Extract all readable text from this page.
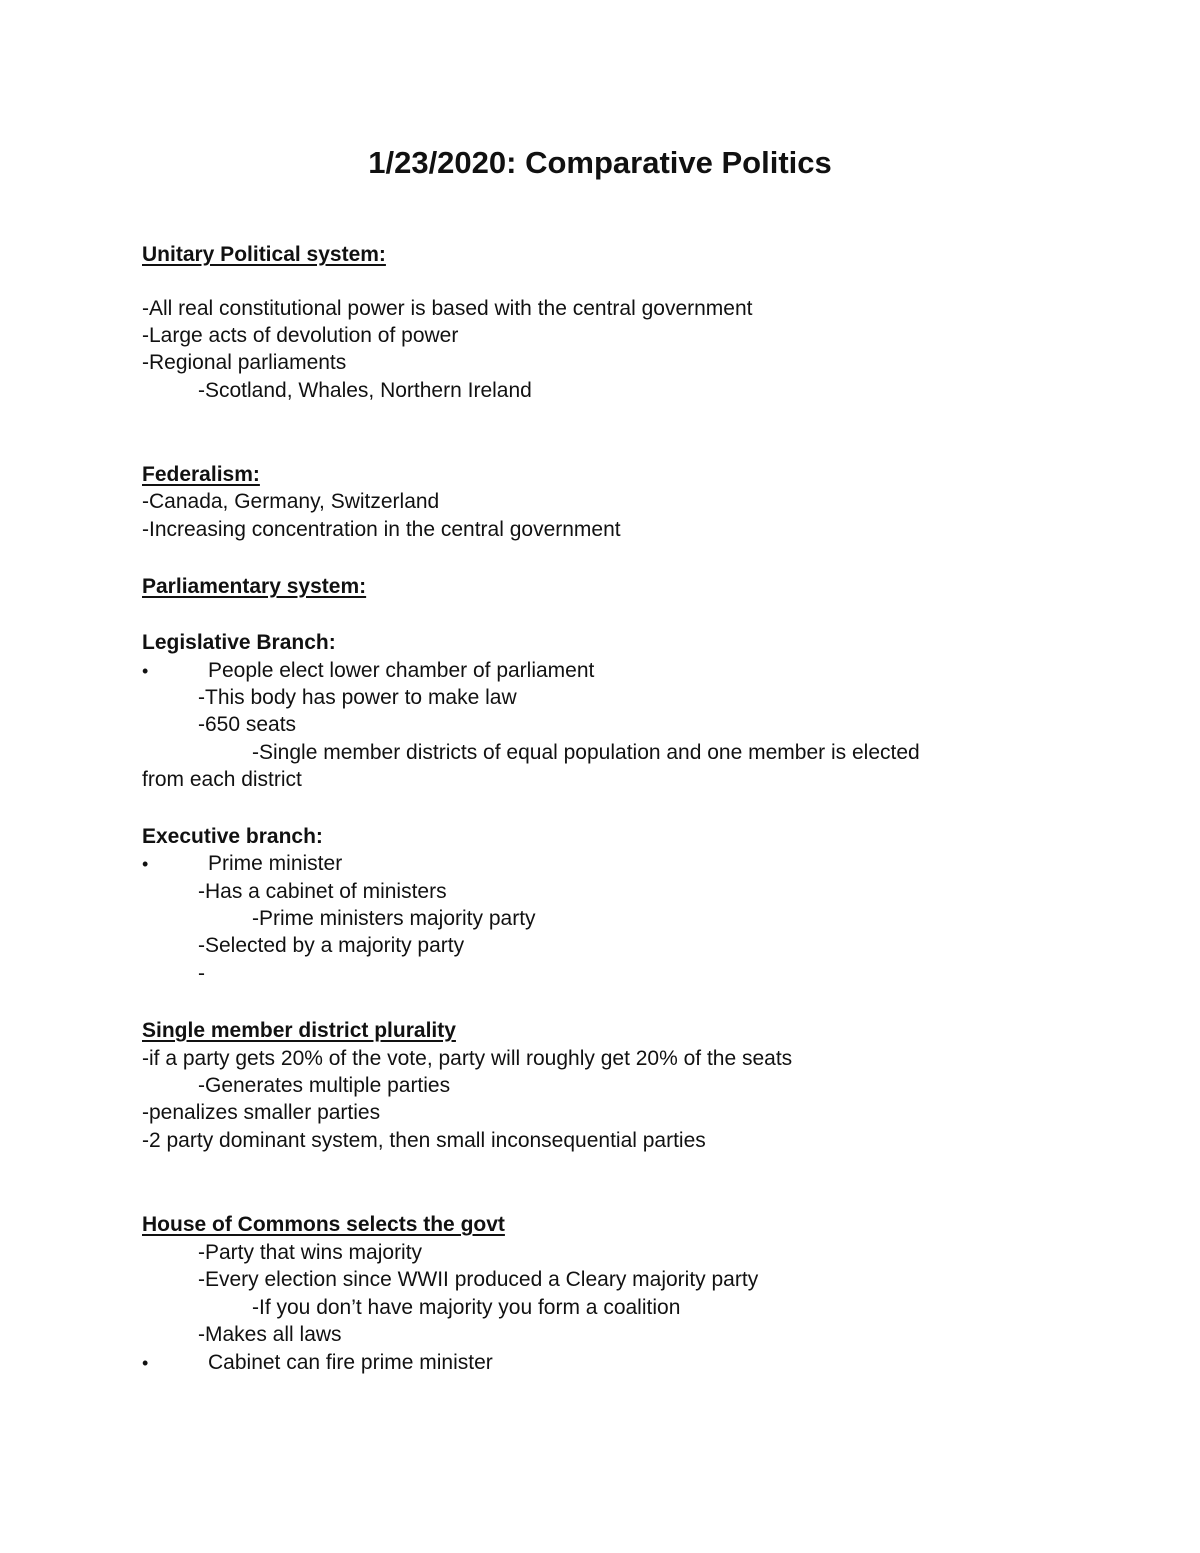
1/23/2020: Comparative Politics
Unitary Political system:
-All real constitutional power is based with the central government
-Large acts of devolution of power
-Regional parliaments
-Scotland, Whales, Northern Ireland
Federalism:
-Canada, Germany, Switzerland
-Increasing concentration in the central government
Parliamentary system:
Legislative Branch:
•	People elect lower chamber of parliament
-This body has power to make law
-650 seats
-Single member districts of equal population and one member is elected
from each district
Executive branch:
•	Prime minister
-Has a cabinet of ministers
-Prime ministers majority party
-Selected by a majority party
-
Single member district plurality
-if a party gets 20% of the vote, party will roughly get 20% of the seats
-Generates multiple parties
-penalizes smaller parties
-2 party dominant system, then small inconsequential parties
House of Commons selects the govt
-Party that wins majority
-Every election since WWII produced a Cleary majority party
-If you don’t have majority you form a coalition
-Makes all laws
•	Cabinet can fire prime minister
